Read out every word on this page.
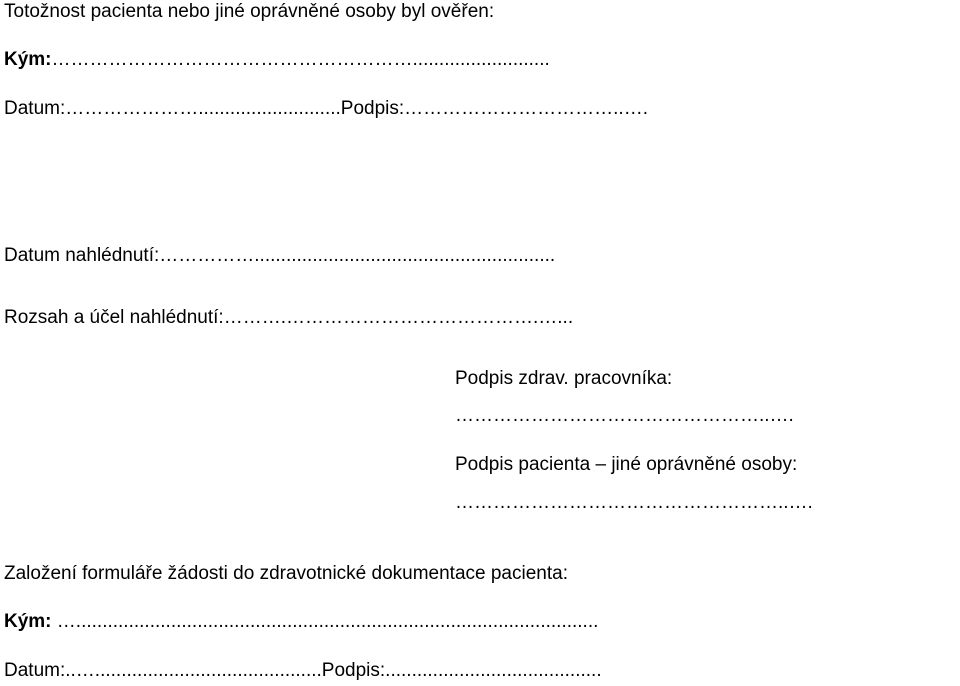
Totožnost pacienta nebo jiné oprávněné osoby byl ověřen:
Kým:…………………………………………………..........................
Datum:…………………...........................Podpis:……………………………..….
Datum nahlédnutí:…………….........................................................
Rozsah a účel nahlédnutí:……….………………………………….…...
Podpis zdrav. pracovníka:
…………………………………………..….
Podpis pacienta – jiné oprávněné osoby:
……………………………………………..….
Založení formuláře žádosti do zdravotnické dokumentace pacienta:
Kým: …...................................................................................................
Datum:..…...........................................Podpis:.........................................
